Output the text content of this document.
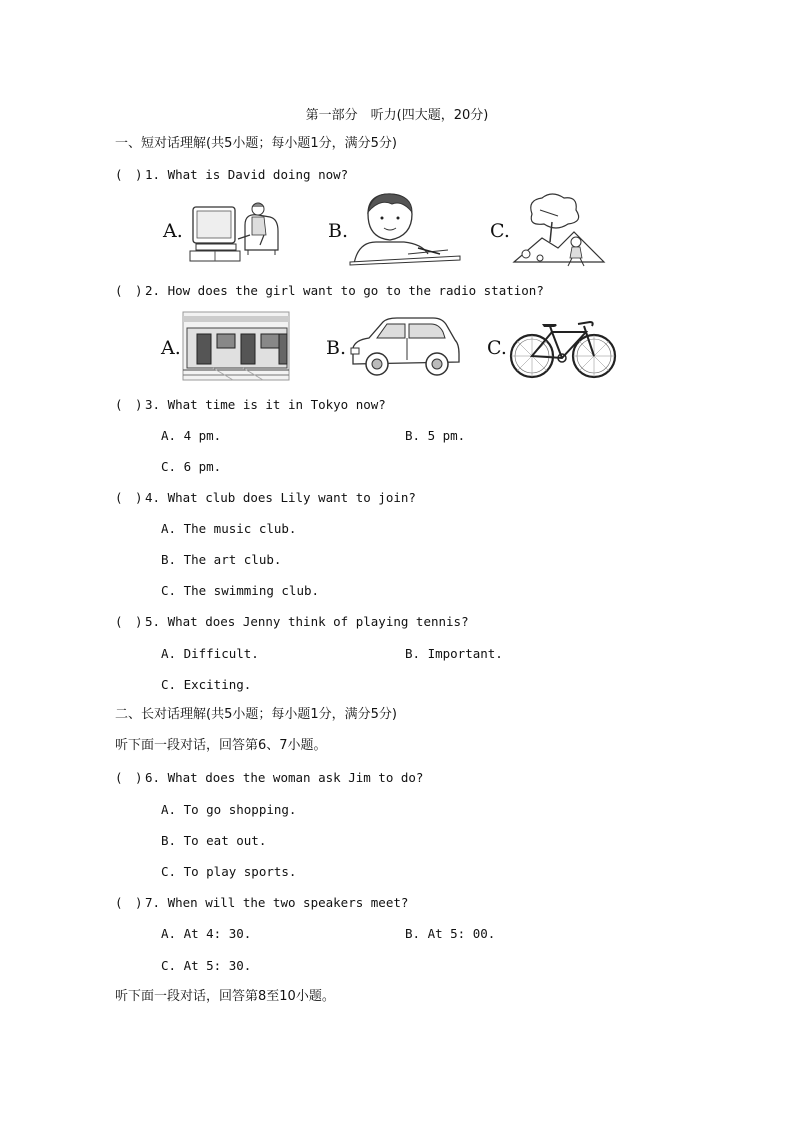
第一部分　听力(四大题，20分)
一、短对话理解(共5小题；每小题1分，满分5分)
(　) 1. What is David doing now?
A.	B.	C.
(　) 2. How does the girl want to go to the radio station?
A.	B.	C.
(　) 3. What time is it in Tokyo now?
A. 4 pm.	B. 5 pm.
C. 6 pm.
(　) 4. What club does Lily want to join?
A. The music club.
B. The art club.
C. The swimming club.
(　) 5. What does Jenny think of playing tennis?
A. Difficult.	B. Important.
C. Exciting.
二、长对话理解(共5小题；每小题1分，满分5分)
听下面一段对话，回答第6、7小题。
(　) 6. What does the woman ask Jim to do?
A. To go shopping.
B. To eat out.
C. To play sports.
(　) 7. When will the two speakers meet?
A. At 4: 30.	B. At 5: 00.
C. At 5: 30.
听下面一段对话，回答第8至10小题。
